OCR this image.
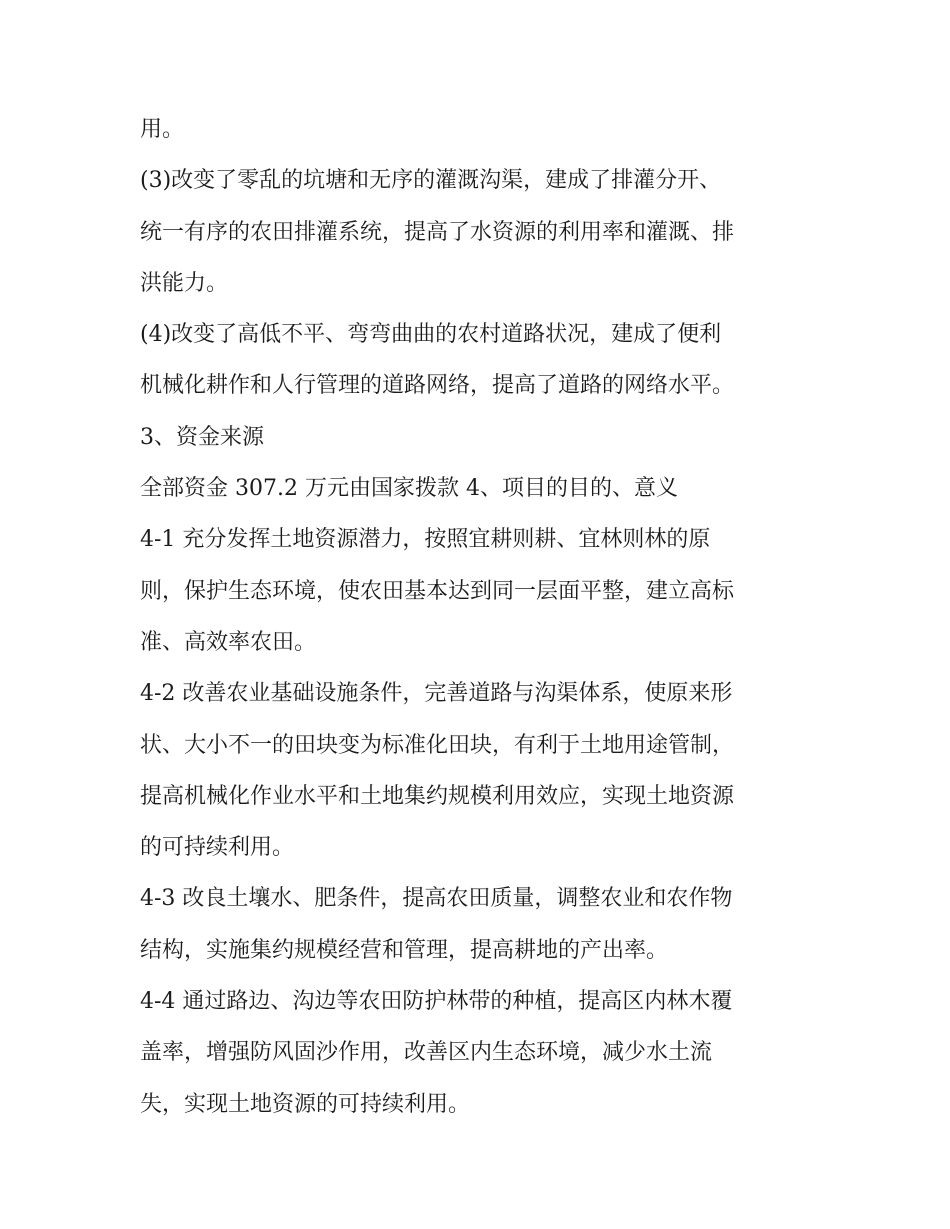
用。

(3)改变了零乱的坑塘和无序的灌溉沟渠，建成了排灌分开、

统一有序的农田排灌系统，提高了水资源的利用率和灌溉、排

洪能力。

(4)改变了高低不平、弯弯曲曲的农村道路状况，建成了便利

机械化耕作和人行管理的道路网络，提高了道路的网络水平。

3、资金来源

全部资金 307.2 万元由国家拨款 4、项目的目的、意义

4-1 充分发挥土地资源潜力，按照宜耕则耕、宜林则林的原

则，保护生态环境，使农田基本达到同一层面平整，建立高标

准、高效率农田。

4-2 改善农业基础设施条件，完善道路与沟渠体系，使原来形

状、大小不一的田块变为标准化田块，有利于土地用途管制，

提高机械化作业水平和土地集约规模利用效应，实现土地资源

的可持续利用。

4-3 改良土壤水、肥条件，提高农田质量，调整农业和农作物

结构，实施集约规模经营和管理，提高耕地的产出率。

4-4 通过路边、沟边等农田防护林带的种植，提高区内林木覆

盖率，增强防风固沙作用，改善区内生态环境，减少水土流

失，实现土地资源的可持续利用。
